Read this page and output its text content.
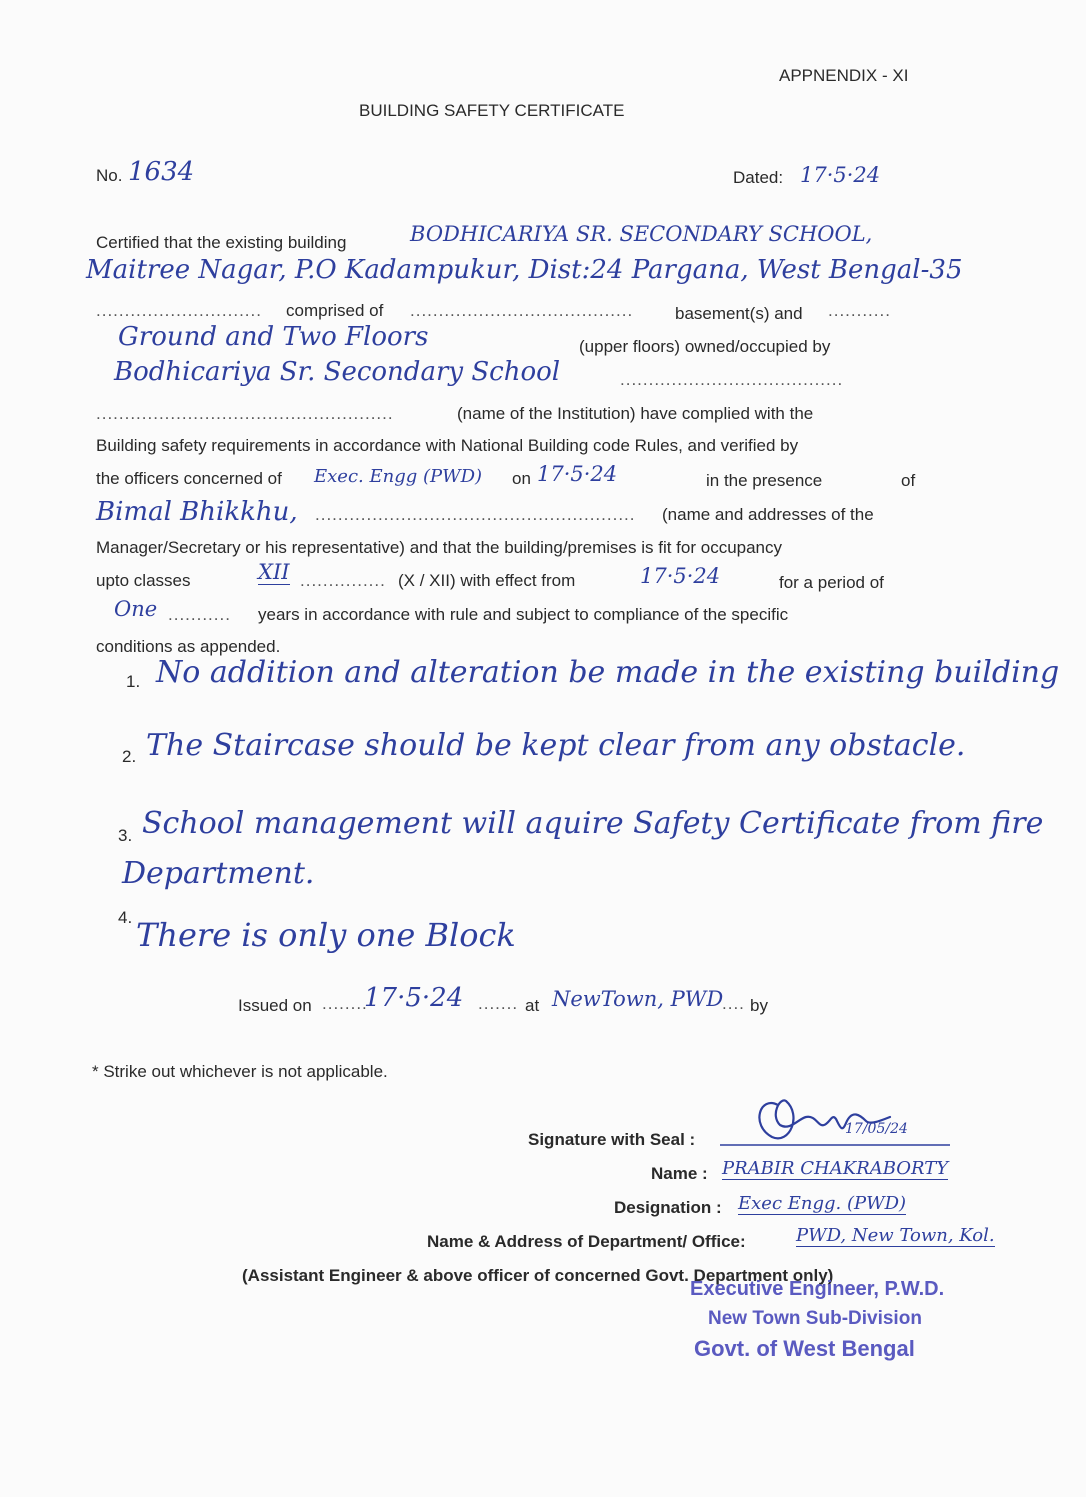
APPNENDIX - XI
BUILDING SAFETY CERTIFICATE
No. 1634	Dated: 17·5·24
Certified that the existing building	BODHICARIYA SR. SECONDARY SCHOOL,
Maitree Nagar, P.O Kadampukur, Dist:24 Pargana, West Bengal-35
............................. comprised of ....................................... basement(s) and ...........
Ground and Two Floors	(upper floors) owned/occupied by
Bodhicariya Sr. Secondary School	.......................................
....................................................	(name of the Institution) have complied with the
Building safety requirements in accordance with National Building code Rules, and verified by
the officers concerned of Exec. Engg (PWD) on 17·5·24	in the presence	of
Bimal Bhikkhu, ........................................................ (name and addresses of the
Manager/Secretary or his representative) and that the building/premises is fit for occupancy
upto classes	XII ............... (X / XII) with effect from	17·5·24	for a period of
One ........... years in accordance with rule and subject to compliance of the specific
conditions as appended.
1. No addition and alteration be made in the existing building
2. The Staircase should be kept clear from any obstacle.
3. School management will aquire Safety Certificate from fire
Department.
4. There is only one Block
Issued on ........
17·5·24 ....... at NewTown, PWD
.... by
* Strike out whichever is not applicable.
Signature with Seal :
17/05/24
Name : PRABIR CHAKRABORTY
Designation : Exec Engg. (PWD)
Name & Address of Department/ Office:	PWD, New Town, Kol.
(Assistant Engineer & above officer of concerned Govt. Department only)
Executive Engineer, P.W.D.
New Town Sub-Division
Govt. of West Bengal
